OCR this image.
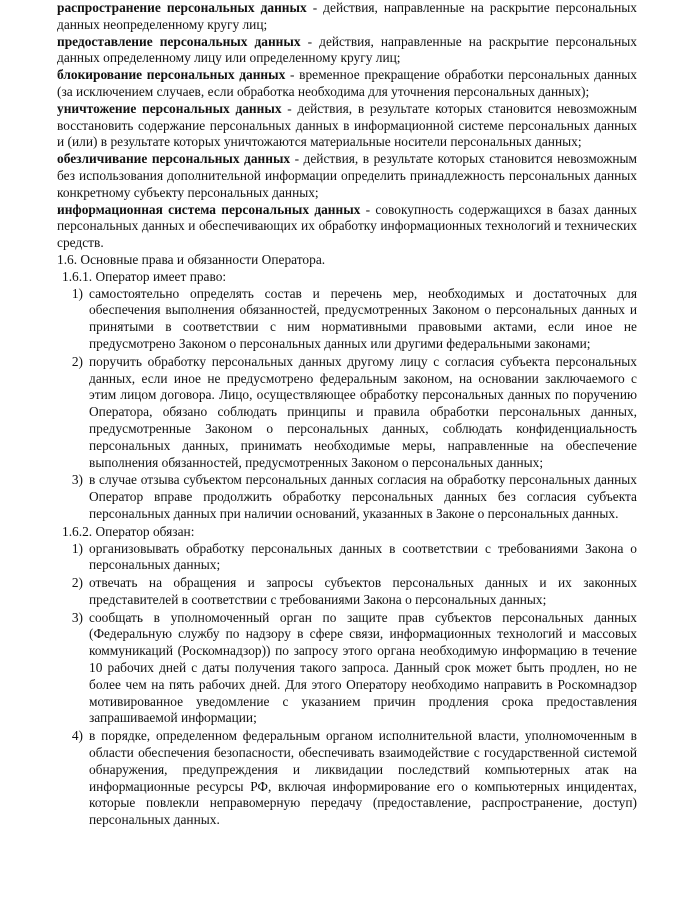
распространение персональных данных - действия, направленные на раскрытие персональных данных неопределенному кругу лиц;

предоставление персональных данных - действия, направленные на раскрытие персональных данных определенному лицу или определенному кругу лиц;

блокирование персональных данных - временное прекращение обработки персональных данных (за исключением случаев, если обработка необходима для уточнения персональных данных);

уничтожение персональных данных - действия, в результате которых становится невозможным восстановить содержание персональных данных в информационной системе персональных данных и (или) в результате которых уничтожаются материальные носители персональных данных;

обезличивание персональных данных - действия, в результате которых становится невозможным без использования дополнительной информации определить принадлежность персональных данных конкретному субъекту персональных данных;

информационная система персональных данных - совокупность содержащихся в базах данных персональных данных и обеспечивающих их обработку информационных технологий и технических средств.

1.6. Основные права и обязанности Оператора.

1.6.1. Оператор имеет право:

1) самостоятельно определять состав и перечень мер, необходимых и достаточных для обеспечения выполнения обязанностей, предусмотренных Законом о персональных данных и принятыми в соответствии с ним нормативными правовыми актами, если иное не предусмотрено Законом о персональных данных или другими федеральными законами;
2) поручить обработку персональных данных другому лицу с согласия субъекта персональных данных, если иное не предусмотрено федеральным законом, на основании заключаемого с этим лицом договора. Лицо, осуществляющее обработку персональных данных по поручению Оператора, обязано соблюдать принципы и правила обработки персональных данных, предусмотренные Законом о персональных данных, соблюдать конфиденциальность персональных данных, принимать необходимые меры, направленные на обеспечение выполнения обязанностей, предусмотренных Законом о персональных данных;
3) в случае отзыва субъектом персональных данных согласия на обработку персональных данных Оператор вправе продолжить обработку персональных данных без согласия субъекта персональных данных при наличии оснований, указанных в Законе о персональных данных.

1.6.2. Оператор обязан:

1) организовывать обработку персональных данных в соответствии с требованиями Закона о персональных данных;
2) отвечать на обращения и запросы субъектов персональных данных и их законных представителей в соответствии с требованиями Закона о персональных данных;
3) сообщать в уполномоченный орган по защите прав субъектов персональных данных (Федеральную службу по надзору в сфере связи, информационных технологий и массовых коммуникаций (Роскомнадзор)) по запросу этого органа необходимую информацию в течение 10 рабочих дней с даты получения такого запроса. Данный срок может быть продлен, но не более чем на пять рабочих дней. Для этого Оператору необходимо направить в Роскомнадзор мотивированное уведомление с указанием причин продления срока предоставления запрашиваемой информации;
4) в порядке, определенном федеральным органом исполнительной власти, уполномоченным в области обеспечения безопасности, обеспечивать взаимодействие с государственной системой обнаружения, предупреждения и ликвидации последствий компьютерных атак на информационные ресурсы РФ, включая информирование его о компьютерных инцидентах, которые повлекли неправомерную передачу (предоставление, распространение, доступ) персональных данных.
